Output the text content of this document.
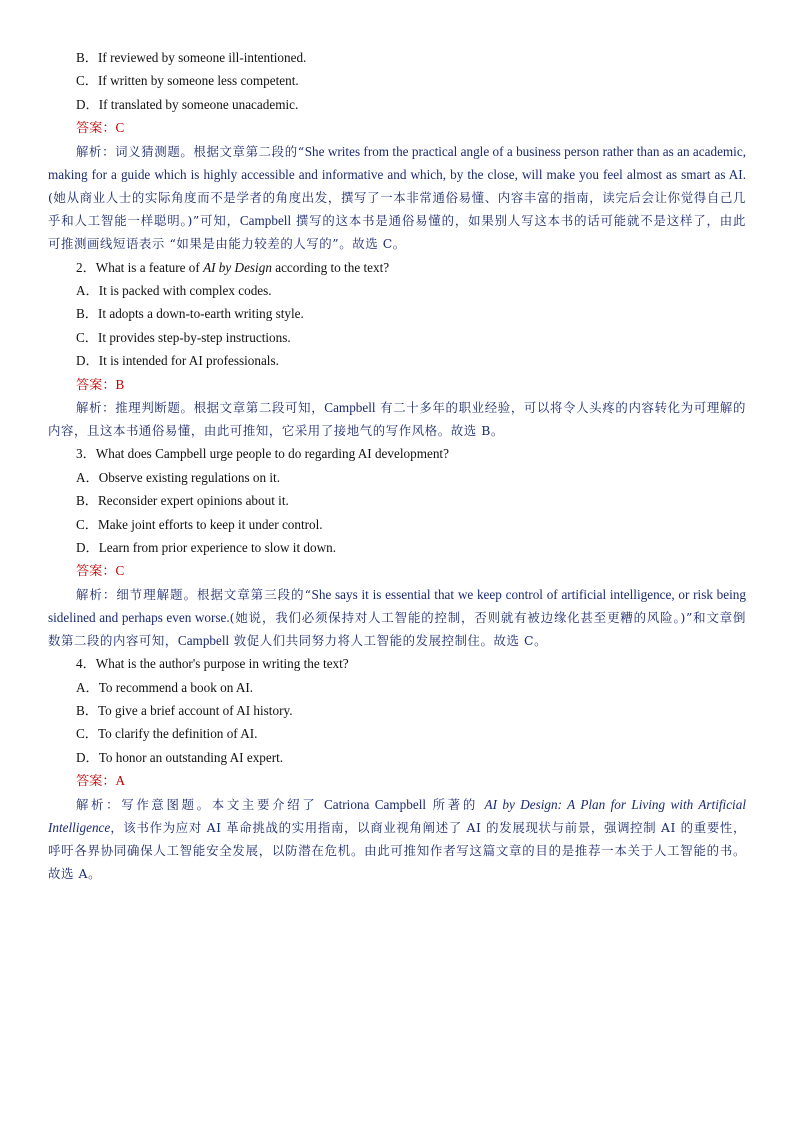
B．If reviewed by someone ill-intentioned.
C．If written by someone less competent.
D．If translated by someone unacademic.
答案：C
解析：词义猜测题。根据文章第二段的“She writes from the practical angle of a business person rather than as an academic, making for a guide which is highly accessible and informative and which, by the close, will make you feel almost as smart as AI. (她从商业人士的实际角度而不是学者的角度出发，撰写了一本非常通俗易懂、内容丰富的指南，读完后会让你觉得自己几乎和人工智能一样聪明。)”可知，Campbell 撰写的这本书是通俗易懂的，如果别人写这本书的话可能就不是这样了，由此可推测画线短语表示 “如果是由能力较差的人写的”。故选 C。
2．What is a feature of AI by Design according to the text?
A．It is packed with complex codes.
B．It adopts a down-to-earth writing style.
C．It provides step-by-step instructions.
D．It is intended for AI professionals.
答案：B
解析：推理判断题。根据文章第二段可知，Campbell 有二十多年的职业经验，可以将令人头疼的内容转化为可理解的内容，且这本书通俗易懂，由此可推知，它采用了接地气的写作风格。故选 B。
3．What does Campbell urge people to do regarding AI development?
A．Observe existing regulations on it.
B．Reconsider expert opinions about it.
C．Make joint efforts to keep it under control.
D．Learn from prior experience to slow it down.
答案：C
解析：细节理解题。根据文章第三段的“She says it is essential that we keep control of artificial intelligence, or risk being sidelined and perhaps even worse.(她说，我们必须保持对人工智能的控制，否则就有被边缘化甚至更糟的风险。)”和文章倒数第二段的内容可知，Campbell 敦促人们共同努力将人工智能的发展控制住。故选 C。
4．What is the author's purpose in writing the text?
A．To recommend a book on AI.
B．To give a brief account of AI history.
C．To clarify the definition of AI.
D．To honor an outstanding AI expert.
答案：A
解析：写作意图题。本文主要介绍了 Catriona Campbell 所著的 AI by Design: A Plan for Living with Artificial Intelligence，该书作为应对 AI 革命挑战的实用指南，以商业视角阐述了 AI 的发展现状与前景，强调控制 AI 的重要性，呼吁各界协同确保人工智能安全发展，以防潜在危机。由此可推知作者写这篇文章的目的是推荐一本关于人工智能的书。故选 A。
